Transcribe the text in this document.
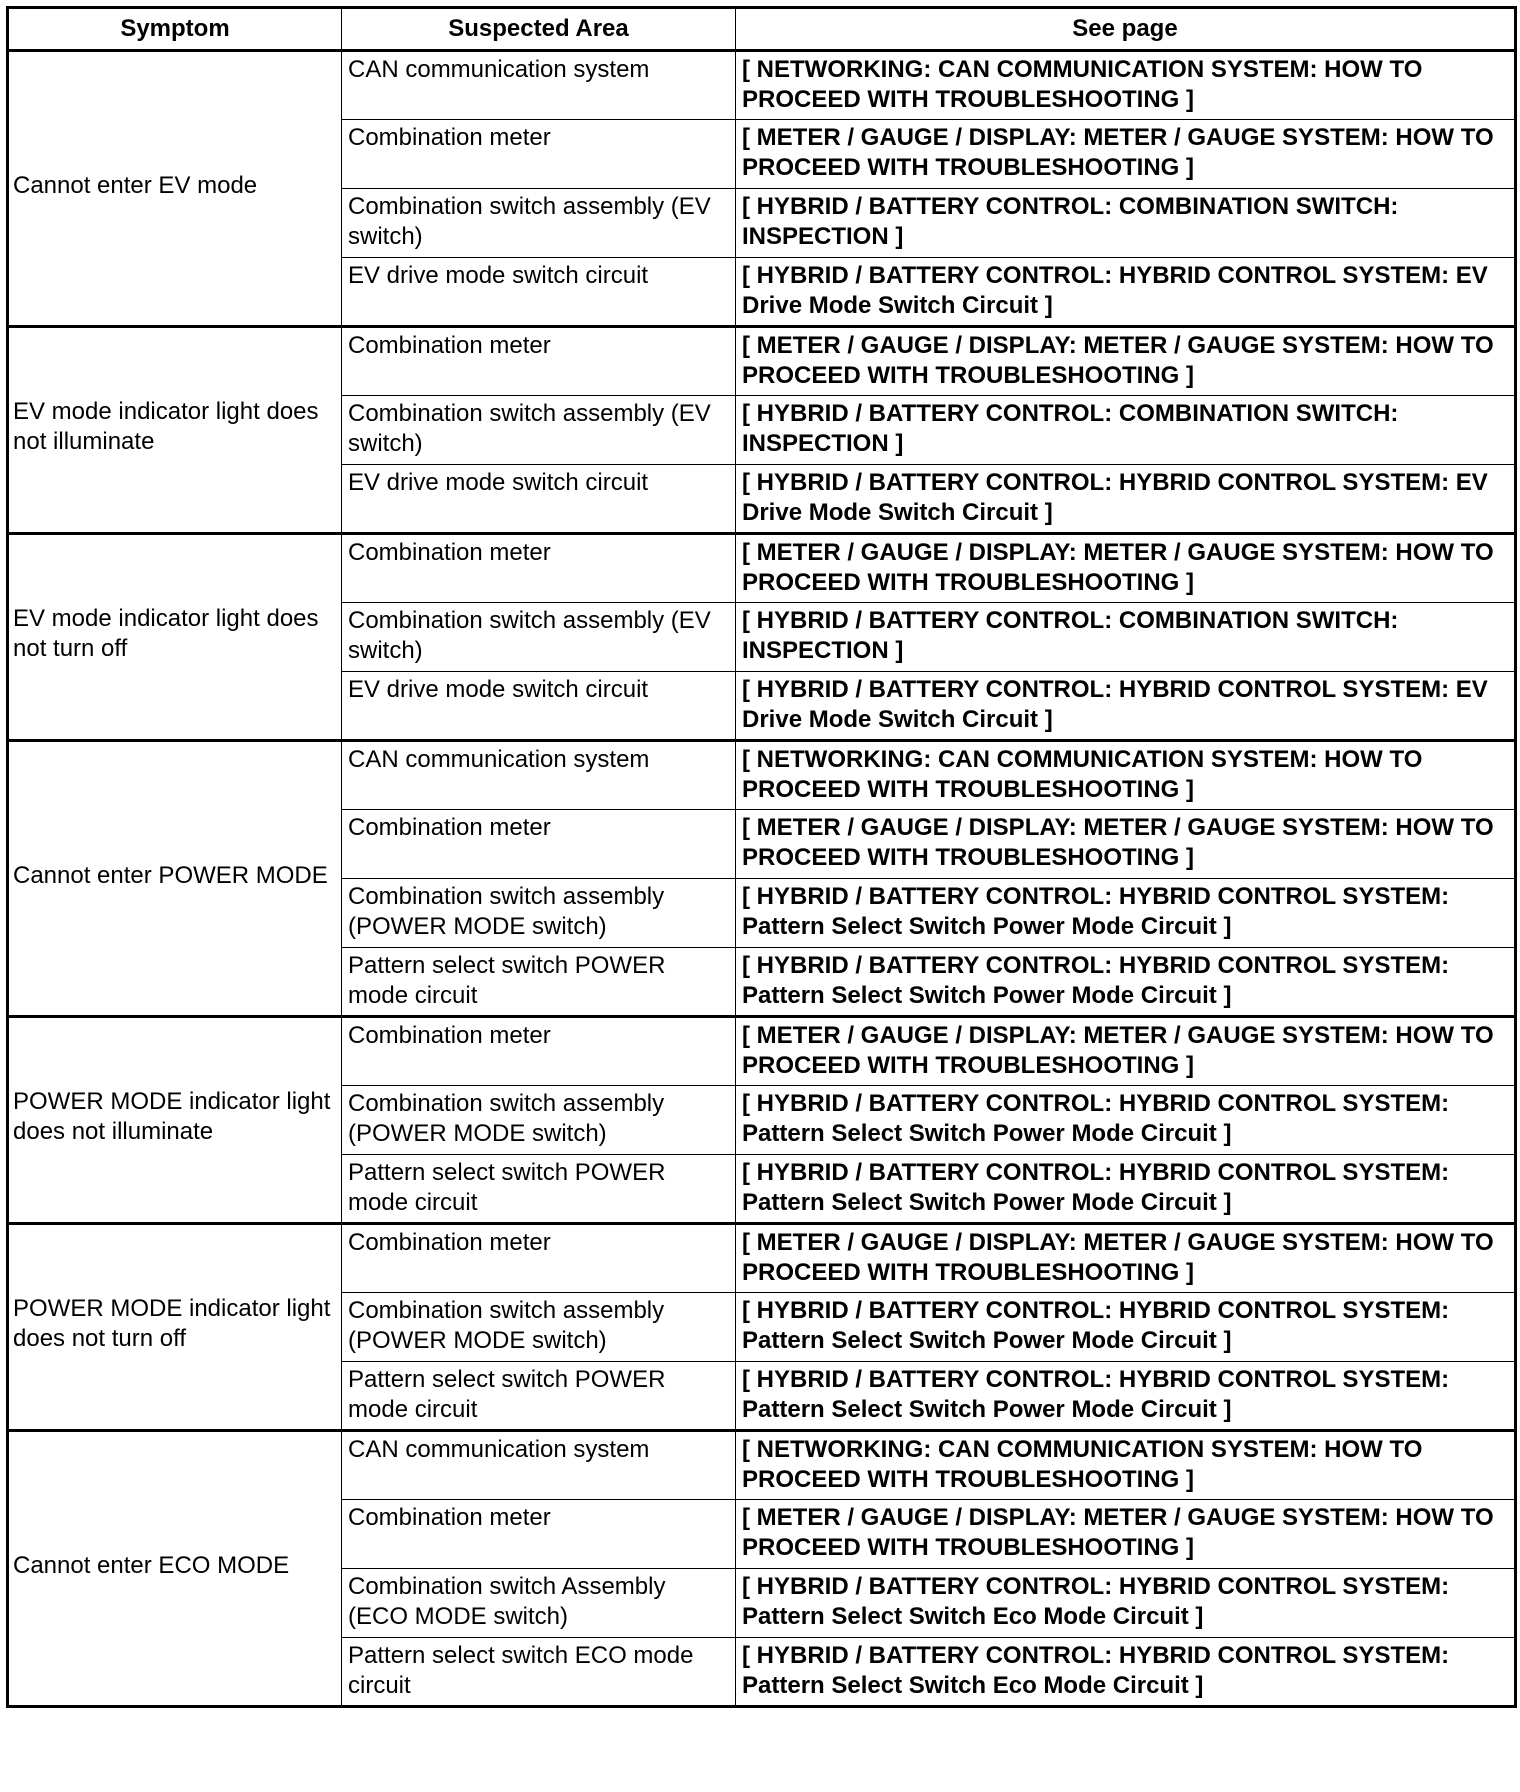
Symptom	Suspected Area	See page
Cannot enter EV mode	CAN communication system	[ NETWORKING: CAN COMMUNICATION SYSTEM: HOW TO PROCEED WITH TROUBLESHOOTING ]
	Combination meter	[ METER / GAUGE / DISPLAY: METER / GAUGE SYSTEM: HOW TO PROCEED WITH TROUBLESHOOTING ]
	Combination switch assembly (EV switch)	[ HYBRID / BATTERY CONTROL: COMBINATION SWITCH: INSPECTION ]
	EV drive mode switch circuit	[ HYBRID / BATTERY CONTROL: HYBRID CONTROL SYSTEM: EV Drive Mode Switch Circuit ]
EV mode indicator light does not illuminate	Combination meter	[ METER / GAUGE / DISPLAY: METER / GAUGE SYSTEM: HOW TO PROCEED WITH TROUBLESHOOTING ]
	Combination switch assembly (EV switch)	[ HYBRID / BATTERY CONTROL: COMBINATION SWITCH: INSPECTION ]
	EV drive mode switch circuit	[ HYBRID / BATTERY CONTROL: HYBRID CONTROL SYSTEM: EV Drive Mode Switch Circuit ]
EV mode indicator light does not turn off	Combination meter	[ METER / GAUGE / DISPLAY: METER / GAUGE SYSTEM: HOW TO PROCEED WITH TROUBLESHOOTING ]
	Combination switch assembly (EV switch)	[ HYBRID / BATTERY CONTROL: COMBINATION SWITCH: INSPECTION ]
	EV drive mode switch circuit	[ HYBRID / BATTERY CONTROL: HYBRID CONTROL SYSTEM: EV Drive Mode Switch Circuit ]
Cannot enter POWER MODE	CAN communication system	[ NETWORKING: CAN COMMUNICATION SYSTEM: HOW TO PROCEED WITH TROUBLESHOOTING ]
	Combination meter	[ METER / GAUGE / DISPLAY: METER / GAUGE SYSTEM: HOW TO PROCEED WITH TROUBLESHOOTING ]
	Combination switch assembly (POWER MODE switch)	[ HYBRID / BATTERY CONTROL: HYBRID CONTROL SYSTEM: Pattern Select Switch Power Mode Circuit ]
	Pattern select switch POWER mode circuit	[ HYBRID / BATTERY CONTROL: HYBRID CONTROL SYSTEM: Pattern Select Switch Power Mode Circuit ]
POWER MODE indicator light does not illuminate	Combination meter	[ METER / GAUGE / DISPLAY: METER / GAUGE SYSTEM: HOW TO PROCEED WITH TROUBLESHOOTING ]
	Combination switch assembly (POWER MODE switch)	[ HYBRID / BATTERY CONTROL: HYBRID CONTROL SYSTEM: Pattern Select Switch Power Mode Circuit ]
	Pattern select switch POWER mode circuit	[ HYBRID / BATTERY CONTROL: HYBRID CONTROL SYSTEM: Pattern Select Switch Power Mode Circuit ]
POWER MODE indicator light does not turn off	Combination meter	[ METER / GAUGE / DISPLAY: METER / GAUGE SYSTEM: HOW TO PROCEED WITH TROUBLESHOOTING ]
	Combination switch assembly (POWER MODE switch)	[ HYBRID / BATTERY CONTROL: HYBRID CONTROL SYSTEM: Pattern Select Switch Power Mode Circuit ]
	Pattern select switch POWER mode circuit	[ HYBRID / BATTERY CONTROL: HYBRID CONTROL SYSTEM: Pattern Select Switch Power Mode Circuit ]
Cannot enter ECO MODE	CAN communication system	[ NETWORKING: CAN COMMUNICATION SYSTEM: HOW TO PROCEED WITH TROUBLESHOOTING ]
	Combination meter	[ METER / GAUGE / DISPLAY: METER / GAUGE SYSTEM: HOW TO PROCEED WITH TROUBLESHOOTING ]
	Combination switch Assembly (ECO MODE switch)	[ HYBRID / BATTERY CONTROL: HYBRID CONTROL SYSTEM: Pattern Select Switch Eco Mode Circuit ]
	Pattern select switch ECO mode circuit	[ HYBRID / BATTERY CONTROL: HYBRID CONTROL SYSTEM: Pattern Select Switch Eco Mode Circuit ]
